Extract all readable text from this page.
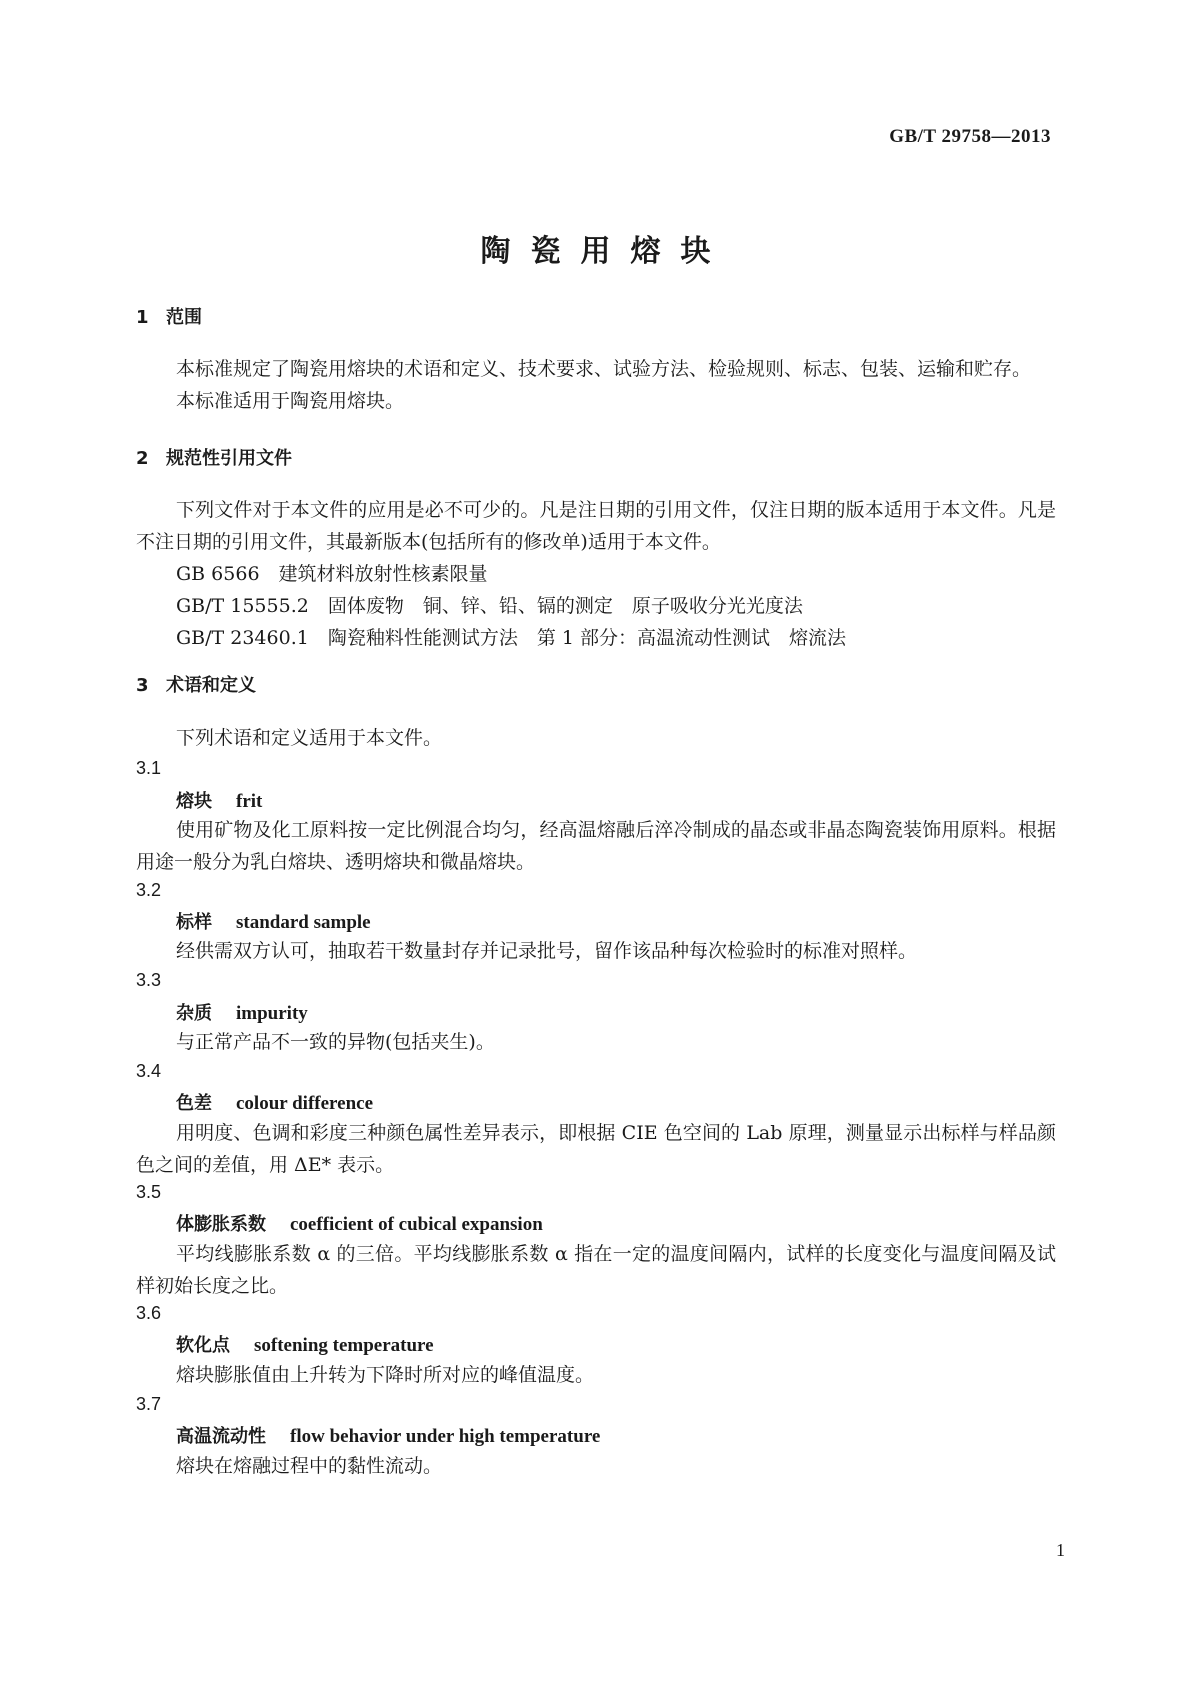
GB/T 29758—2013
陶瓷用熔块
1 范围
本标准规定了陶瓷用熔块的术语和定义、技术要求、试验方法、检验规则、标志、包装、运输和贮存。
本标准适用于陶瓷用熔块。
2 规范性引用文件
下列文件对于本文件的应用是必不可少的。凡是注日期的引用文件，仅注日期的版本适用于本文件。凡是不注日期的引用文件，其最新版本(包括所有的修改单)适用于本文件。
GB 6566　建筑材料放射性核素限量
GB/T 15555.2　固体废物　铜、锌、铅、镉的测定　原子吸收分光光度法
GB/T 23460.1　陶瓷釉料性能测试方法　第 1 部分：高温流动性测试　熔流法
3 术语和定义
下列术语和定义适用于本文件。
3.1
熔块 frit
使用矿物及化工原料按一定比例混合均匀，经高温熔融后淬冷制成的晶态或非晶态陶瓷装饰用原料。根据用途一般分为乳白熔块、透明熔块和微晶熔块。
3.2
标样 standard sample
经供需双方认可，抽取若干数量封存并记录批号，留作该品种每次检验时的标准对照样。
3.3
杂质 impurity
与正常产品不一致的异物(包括夹生)。
3.4
色差 colour difference
用明度、色调和彩度三种颜色属性差异表示，即根据 CIE 色空间的 Lab 原理，测量显示出标样与样品颜色之间的差值，用 ΔE* 表示。
3.5
体膨胀系数 coefficient of cubical expansion
平均线膨胀系数 α 的三倍。平均线膨胀系数 α 指在一定的温度间隔内，试样的长度变化与温度间隔及试样初始长度之比。
3.6
软化点 softening temperature
熔块膨胀值由上升转为下降时所对应的峰值温度。
3.7
高温流动性 flow behavior under high temperature
熔块在熔融过程中的黏性流动。
1
